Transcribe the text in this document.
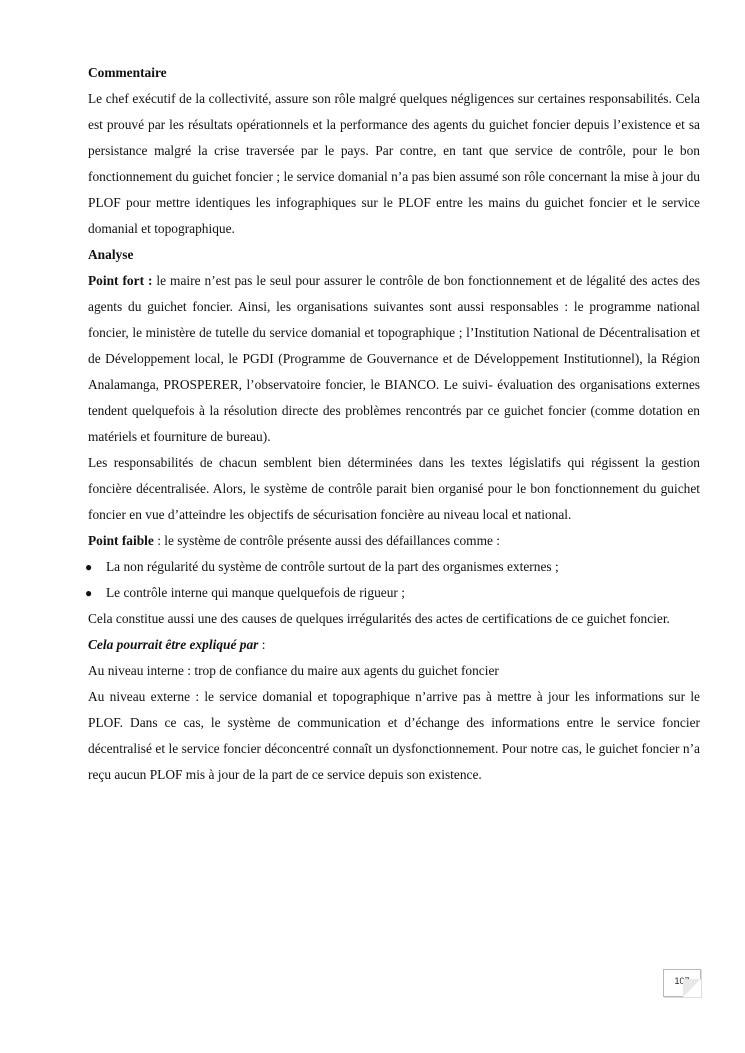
Commentaire

Le chef exécutif de la collectivité, assure son rôle malgré quelques négligences sur certaines responsabilités. Cela est prouvé par les résultats opérationnels et la performance des agents du guichet foncier depuis l’existence et sa persistance malgré la crise traversée par le pays. Par contre, en tant que service de contrôle, pour le bon fonctionnement du guichet foncier ; le service domanial n’a pas bien assumé son rôle concernant la mise à jour du PLOF pour mettre identiques les infographiques sur le PLOF entre les mains du guichet foncier et le service domanial et topographique.

Analyse

Point fort : le maire n’est pas le seul pour assurer le contrôle de bon fonctionnement et de légalité des actes des agents du guichet foncier. Ainsi, les organisations suivantes sont aussi responsables : le programme national foncier, le ministère de tutelle du service domanial et topographique ; l’Institution National de Décentralisation et de Développement local, le PGDI (Programme de Gouvernance et de Développement Institutionnel), la Région Analamanga, PROSPERER, l’observatoire foncier, le BIANCO. Le suivi- évaluation des organisations externes tendent quelquefois à la résolution directe des problèmes rencontrés par ce guichet foncier (comme dotation en matériels et fourniture de bureau).

Les responsabilités de chacun semblent bien déterminées dans les textes législatifs qui régissent la gestion foncière décentralisée. Alors, le système de contrôle parait bien organisé pour le bon fonctionnement du guichet foncier en vue d’atteindre les objectifs de sécurisation foncière au niveau local et national.

Point faible : le système de contrôle présente aussi des défaillances comme :

● La non régularité du système de contrôle surtout de la part des organismes externes ;
● Le contrôle interne qui manque quelquefois de rigueur ;

Cela constitue aussi une des causes de quelques irrégularités des actes de certifications de ce guichet foncier.

Cela pourrait être expliqué par :

Au niveau interne : trop de confiance du maire aux agents du guichet foncier

Au niveau externe : le service domanial et topographique n’arrive pas à mettre à jour les informations sur le PLOF. Dans ce cas, le système de communication et d’échange des informations entre le service foncier décentralisé et le service foncier déconcentré connaît un dysfonctionnement. Pour notre cas, le guichet foncier n’a reçu aucun PLOF mis à jour de la part de ce service depuis son existence.

107
